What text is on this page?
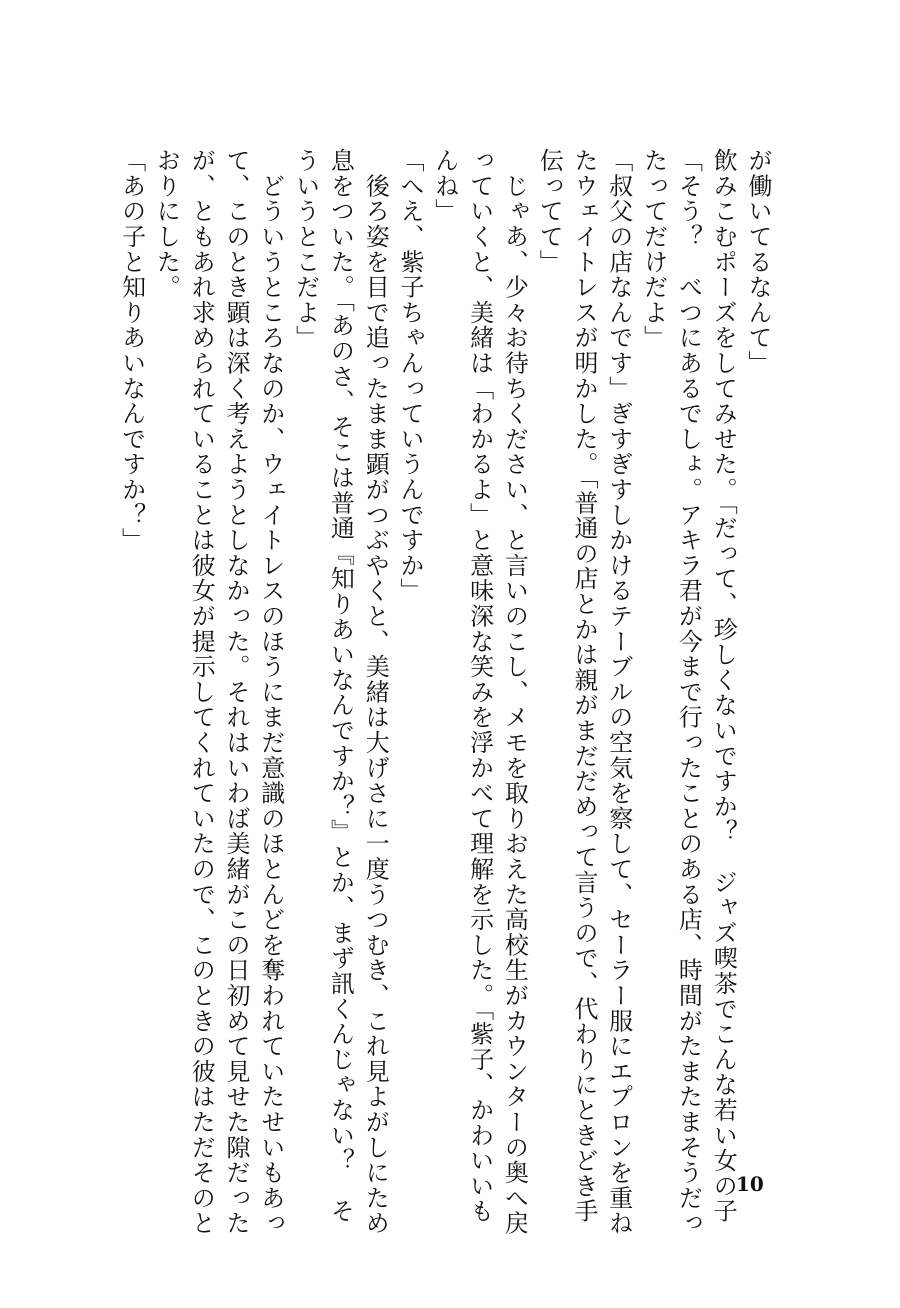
が働いてるなんて」

飲みこむポーズをしてみせた。「だって、珍しくないですか？　ジャズ喫茶でこんな若い女の子

「そう？　べつにあるでしょ。アキラ君が今まで行ったことのある店、時間がたまたまそうだっ

たってだけだよ」

「叔父の店なんです」ぎすぎすしかけるテーブルの空気を察して、セーラー服にエプロンを重ね

たウェイトレスが明かした。「普通の店とかは親がまだだめって言うので、代わりにときどき手

伝ってて」

　じゃあ、少々お待ちください、と言いのこし、メモを取りおえた高校生がカウンターの奥へ戻

っていくと、美緒は「わかるよ」と意味深な笑みを浮かべて理解を示した。「紫子、かわいいも

んね」

「へえ、紫子ちゃんっていうんですか」

　後ろ姿を目で追ったまま顕がつぶやくと、美緒は大げさに一度うつむき、これ見よがしにため

息をついた。「あのさ、そこは普通『知りあいなんですか？』とか、まず訊くんじゃない？　そ

ういうとこだよ」

　どういうところなのか、ウェイトレスのほうにまだ意識のほとんどを奪われていたせいもあっ

て、このとき顕は深く考えようとしなかった。それはいわば美緒がこの日初めて見せた隙だった

が、ともあれ求められていることは彼女が提示してくれていたので、このときの彼はただそのと

おりにした。

「あの子と知りあいなんですか？」

10
